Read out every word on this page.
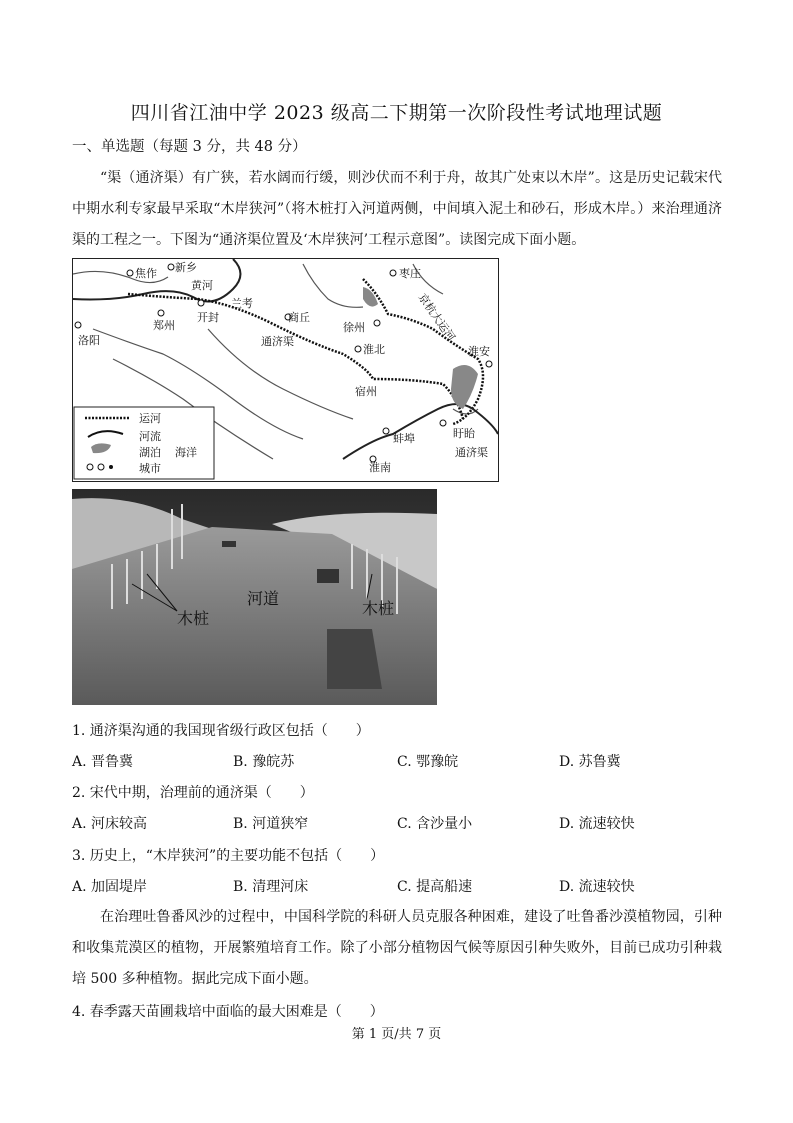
四川省江油中学 2023 级高二下期第一次阶段性考试地理试题
一、单选题（每题 3 分，共 48 分）
“渠（通济渠）有广狭，若水阔而行缓，则沙伏而不利于舟，故其广处束以木岸”。这是历史记载宋代中期水利专家最早采取“木岸狭河”（将木桩打入河道两侧，中间填入泥土和砂石，形成木岸。）来治理通济渠的工程之一。下图为“通济渠位置及‘木岸狭河’工程示意图”。读图完成下面小题。
焦作 新乡
黄河
兰考
枣庄
开封	商丘
郑州	徐州
洛阳	通济渠
淮北
京杭大运河
淮安
宿州
蚌埠	盱眙
淮南
通济渠
运河
河流
湖泊 海洋
城市
木桩
河道
木桩
1. 通济渠沟通的我国现省级行政区包括（　　）
A. 晋鲁冀	B. 豫皖苏	C. 鄂豫皖	D. 苏鲁冀
2. 宋代中期，治理前的通济渠（　　）
A. 河床较高	B. 河道狭窄	C. 含沙量小	D. 流速较快
3. 历史上，“木岸狭河”的主要功能不包括（　　）
A. 加固堤岸	B. 清理河床	C. 提高船速	D. 流速较快
在治理吐鲁番风沙的过程中，中国科学院的科研人员克服各种困难，建设了吐鲁番沙漠植物园，引种和收集荒漠区的植物，开展繁殖培育工作。除了小部分植物因气候等原因引种失败外，目前已成功引种栽培 500 多种植物。据此完成下面小题。
4. 春季露天苗圃栽培中面临的最大困难是（　　）
第 1 页/共 7 页
